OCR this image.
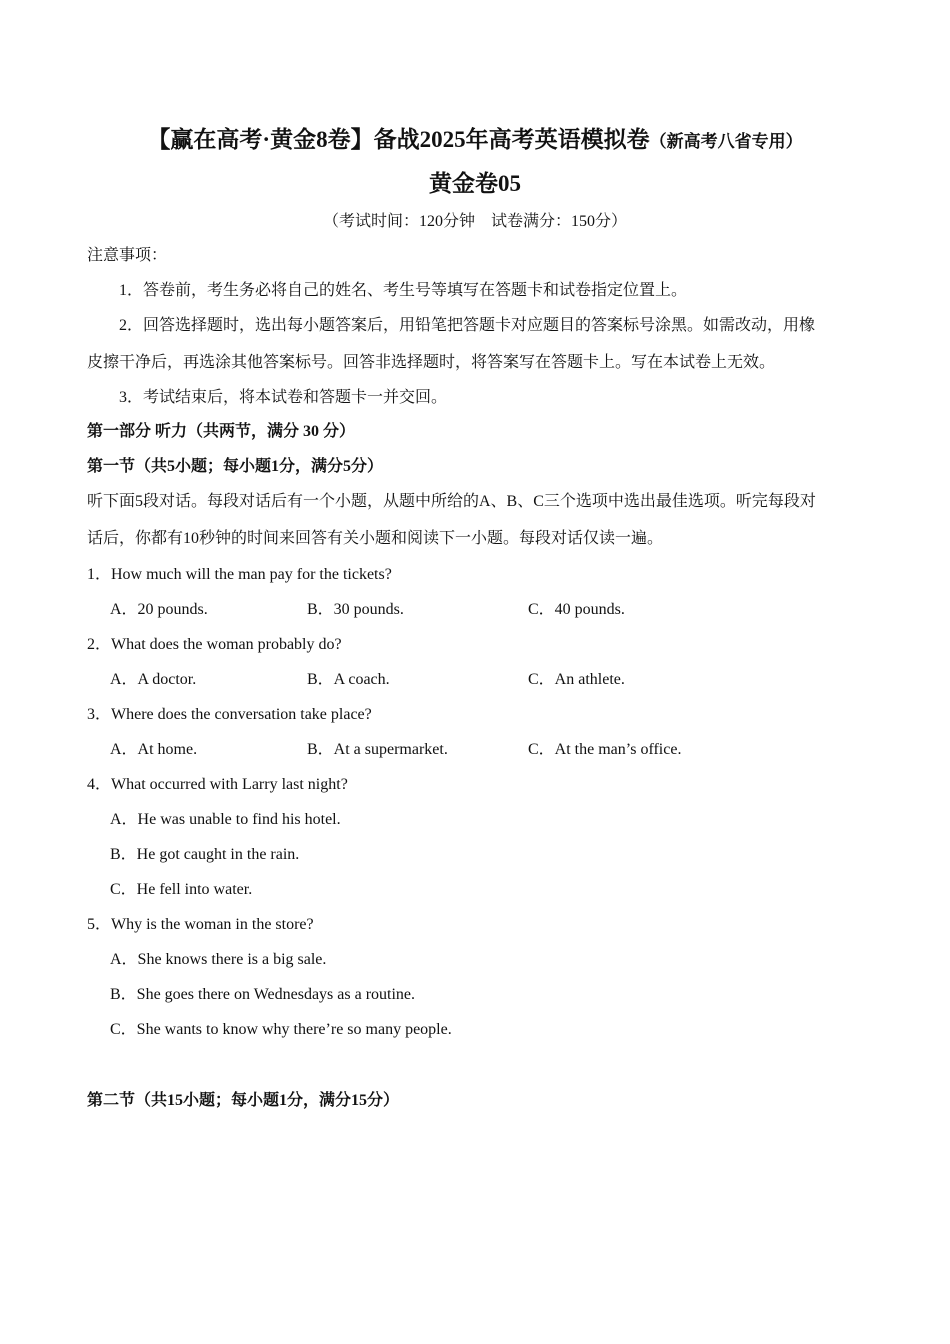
【赢在高考·黄金8卷】备战2025年高考英语模拟卷（新高考八省专用）
黄金卷05
（考试时间：120分钟　试卷满分：150分）
注意事项：
1．答卷前，考生务必将自己的姓名、考生号等填写在答题卡和试卷指定位置上。
2．回答选择题时，选出每小题答案后，用铅笔把答题卡对应题目的答案标号涂黑。如需改动，用橡
皮擦干净后，再选涂其他答案标号。回答非选择题时，将答案写在答题卡上。写在本试卷上无效。
3．考试结束后，将本试卷和答题卡一并交回。
第一部分 听力（共两节，满分 30 分）
第一节（共5小题；每小题1分，满分5分）
听下面5段对话。每段对话后有一个小题，从题中所给的A、B、C三个选项中选出最佳选项。听完每段对
话后，你都有10秒钟的时间来回答有关小题和阅读下一小题。每段对话仅读一遍。
1．How much will the man pay for the tickets?
A．20 pounds.	B．30 pounds.	C．40 pounds.
2．What does the woman probably do?
A．A doctor.	B．A coach.	C．An athlete.
3．Where does the conversation take place?
A．At home.	B．At a supermarket.	C．At the man’s office.
4．What occurred with Larry last night?
A．He was unable to find his hotel.
B．He got caught in the rain.
C．He fell into water.
5．Why is the woman in the store?
A．She knows there is a big sale.
B．She goes there on Wednesdays as a routine.
C．She wants to know why there’re so many people.
第二节（共15小题；每小题1分，满分15分）
